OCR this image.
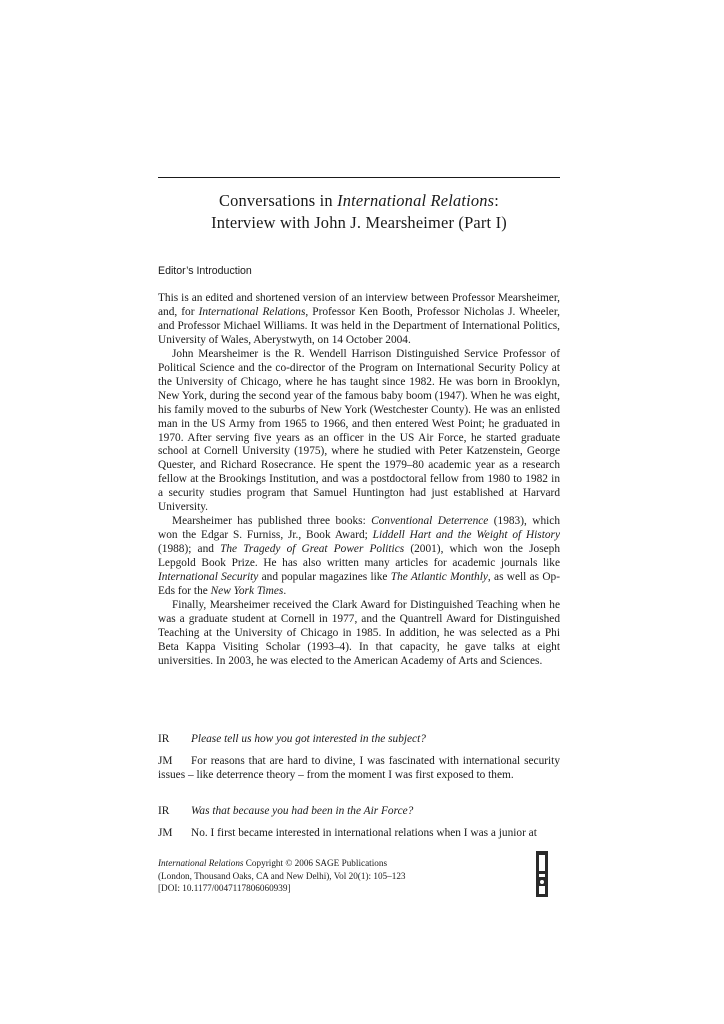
Conversations in International Relations:
Interview with John J. Mearsheimer (Part I)
Editor’s Introduction

This is an edited and shortened version of an interview between Professor Mearsheimer, and, for International Relations, Professor Ken Booth, Professor Nicholas J. Wheeler, and Professor Michael Williams. It was held in the Department of International Politics, University of Wales, Aberystwyth, on 14 October 2004.

John Mearsheimer is the R. Wendell Harrison Distinguished Service Professor of Political Science and the co-director of the Program on International Security Policy at the University of Chicago, where he has taught since 1982. He was born in Brooklyn, New York, during the second year of the famous baby boom (1947). When he was eight, his family moved to the suburbs of New York (Westchester County). He was an enlisted man in the US Army from 1965 to 1966, and then entered West Point; he graduated in 1970. After serving five years as an officer in the US Air Force, he started graduate school at Cornell University (1975), where he studied with Peter Katzenstein, George Quester, and Richard Rosecrance. He spent the 1979–80 academic year as a research fellow at the Brookings Institution, and was a postdoctoral fellow from 1980 to 1982 in a security studies program that Samuel Huntington had just established at Harvard University.

Mearsheimer has published three books: Conventional Deterrence (1983), which won the Edgar S. Furniss, Jr., Book Award; Liddell Hart and the Weight of History (1988); and The Tragedy of Great Power Politics (2001), which won the Joseph Lepgold Book Prize. He has also written many articles for academic journals like International Security and popular magazines like The Atlantic Monthly, as well as Op-Eds for the New York Times.

Finally, Mearsheimer received the Clark Award for Distinguished Teaching when he was a graduate student at Cornell in 1977, and the Quantrell Award for Distinguished Teaching at the University of Chicago in 1985. In addition, he was selected as a Phi Beta Kappa Visiting Scholar (1993–4). In that capacity, he gave talks at eight universities. In 2003, he was elected to the American Academy of Arts and Sciences.

IR Please tell us how you got interested in the subject?
JM For reasons that are hard to divine, I was fascinated with international security issues – like deterrence theory – from the moment I was first exposed to them.
IR Was that because you had been in the Air Force?
JM No. I first became interested in international relations when I was a junior at
International Relations Copyright © 2006 SAGE Publications
(London, Thousand Oaks, CA and New Delhi), Vol 20(1): 105–123
[DOI: 10.1177/0047117806060939]
